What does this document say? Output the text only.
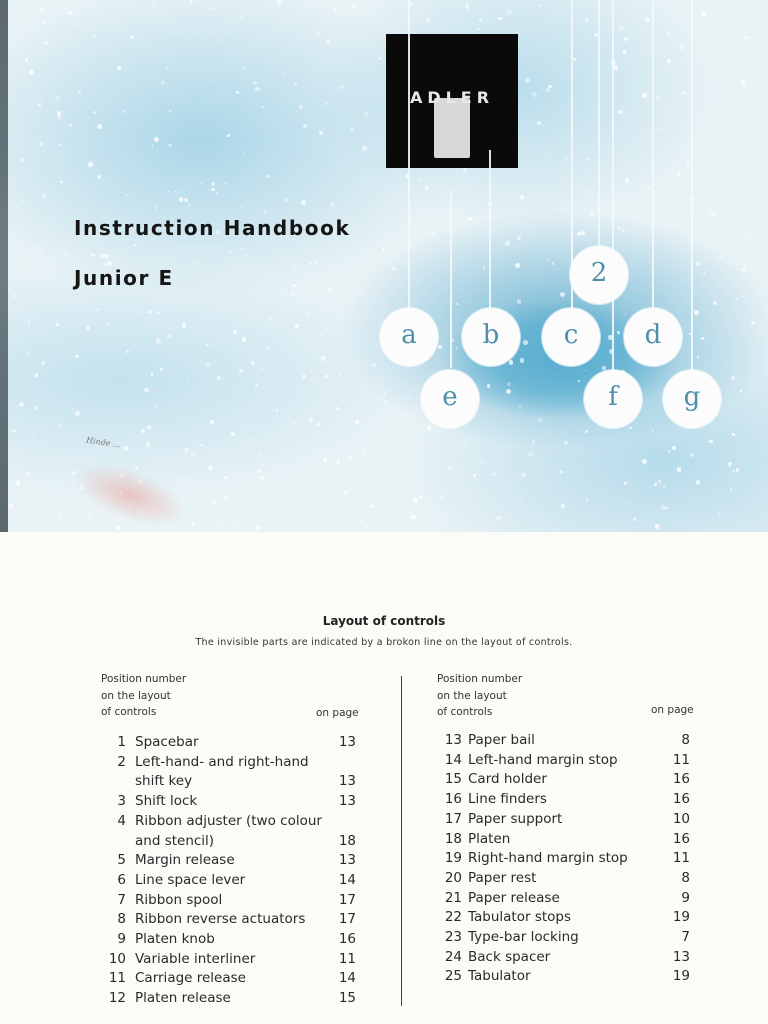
ADLER
Instruction Handbook
Junior E
a	b	c	d
e	f	g
2
Hinde ...
Layout of controls
The invisible parts are indicated by a brokon line on the layout of controls.
Position number
on the layout
of controls	on page
Position number
on the layout
of controls	on page
1 Spacebar	13
2 Left-hand- and right-hand
shift key	13
3 Shift lock	13
4 Ribbon adjuster (two colour
and stencil)	18
5 Margin release	13
6 Line space lever	14
7 Ribbon spool	17
8 Ribbon reverse actuators	17
9 Platen knob	16
10 Variable interliner	11
11 Carriage release	14
12 Platen release	15
13 Paper bail	8
14 Left-hand margin stop	11
15 Card holder	16
16 Line finders	16
17 Paper support	10
18 Platen	16
19 Right-hand margin stop	11
20 Paper rest	8
21 Paper release	9
22 Tabulator stops	19
23 Type-bar locking	7
24 Back spacer	13
25 Tabulator	19
